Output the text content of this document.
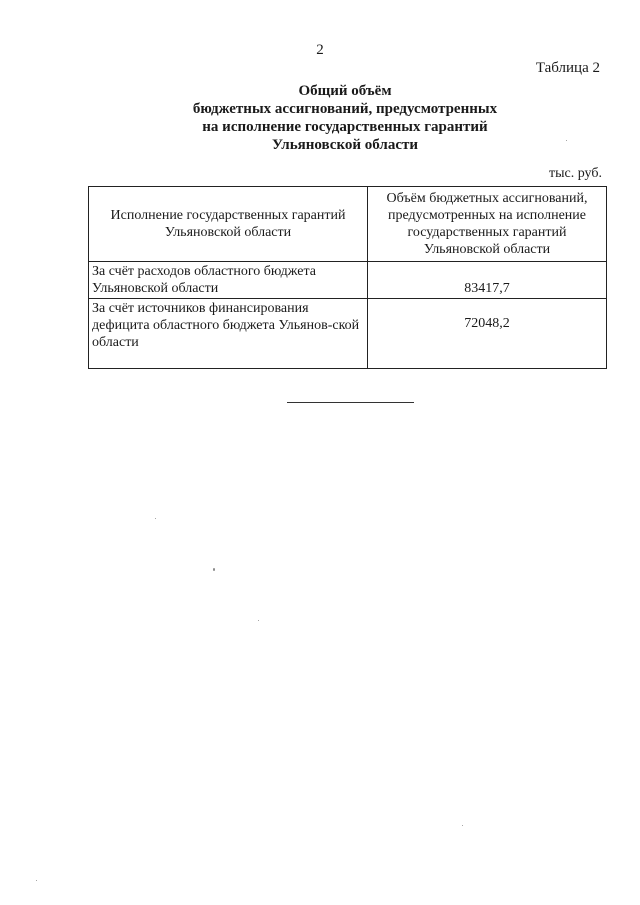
2
Таблица 2
Общий объём
бюджетных ассигнований, предусмотренных
на исполнение государственных гарантий
Ульяновской области
тыс. руб.
Исполнение государственных гарантий Ульяновской области	Объём бюджетных ассигнований, предусмотренных на исполнение государственных гарантий Ульяновской области
За счёт расходов областного бюджета Ульяновской области	83417,7
За счёт источников финансирования дефицита областного бюджета Ульянов-ской области	72048,2
